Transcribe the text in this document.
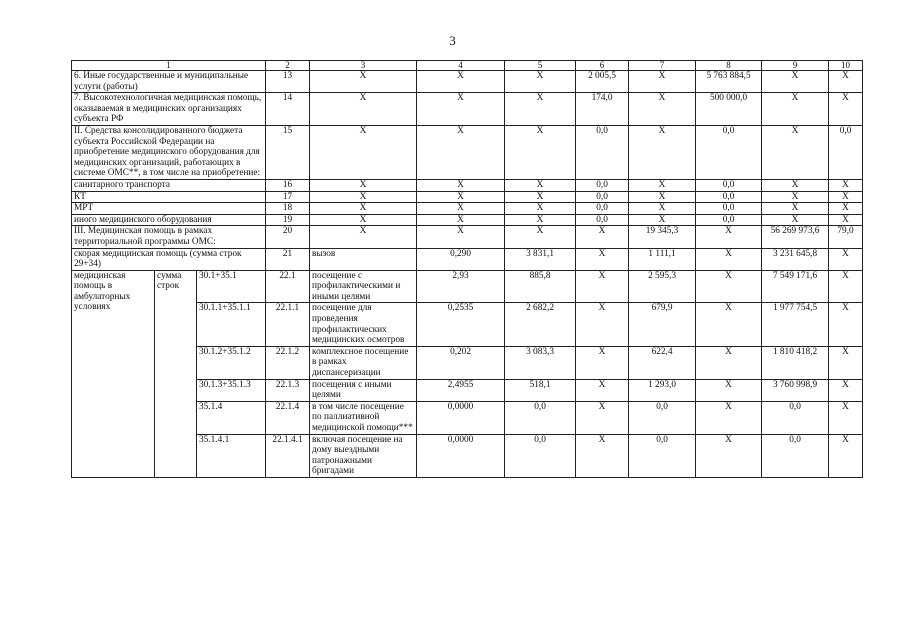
3
1			2	3	4	5	6	7	8	9	10
6. Иные государственные и муниципальные услуги (работы)			13	X	X	X	2 005,5	X	5 763 884,5	X	X
7. Высокотехнологичная медицинская помощь, оказываемая в медицинских организациях субъекта РФ			14	X	X	X	174,0	X	500 000,0	X	X
II. Средства консолидированного бюджета субъекта Российской Федерации на приобретение медицинского оборудования для медицинских организаций, работающих в системе ОМС**, в том числе на приобретение:			15	X	X	X	0,0	X	0,0	X	0,0
санитарного транспорта			16	X	X	X	0,0	X	0,0	X	X
КТ			17	X	X	X	0,0	X	0,0	X	X
МРТ			18	X	X	X	0,0	X	0,0	X	X
иного медицинского оборудования			19	X	X	X	0,0	X	0,0	X	X
III. Медицинская помощь в рамках территориальной программы ОМС:			20	X	X	X	X	19 345,3	X	56 269 973,6	79,0
скорая медицинская помощь (сумма строк 29+34)			21	вызов	0,290	3 831,1	X	1 111,1	X	3 231 645,8	X
медицинская помощь в амбулаторных условиях	сумма строк	30.1+35.1	22.1	посещение с профилактическими и иными целями	2,93	885,8	X	2 595,3	X	7 549 171,6	X
		30.1.1+35.1.1	22.1.1	посещение для проведения профилактических медицинских осмотров	0,2535	2 682,2	X	679,9	X	1 977 754,5	X
		30.1.2+35.1.2	22.1.2	комплексное посещение в рамках диспансеризации	0,202	3 083,3	X	622,4	X	1 810 418,2	X
		30.1.3+35.1.3	22.1.3	посещения с иными целями	2,4955	518,1	X	1 293,0	X	3 760 998,9	X
		35.1.4	22.1.4	в том числе посещение по паллиативной медицинской помощи***	0,0000	0,0	X	0,0	X	0,0	X
		35.1.4.1	22.1.4.1	включая посещение на дому выездными патронажными бригадами	0,0000	0,0	X	0,0	X	0,0	X
